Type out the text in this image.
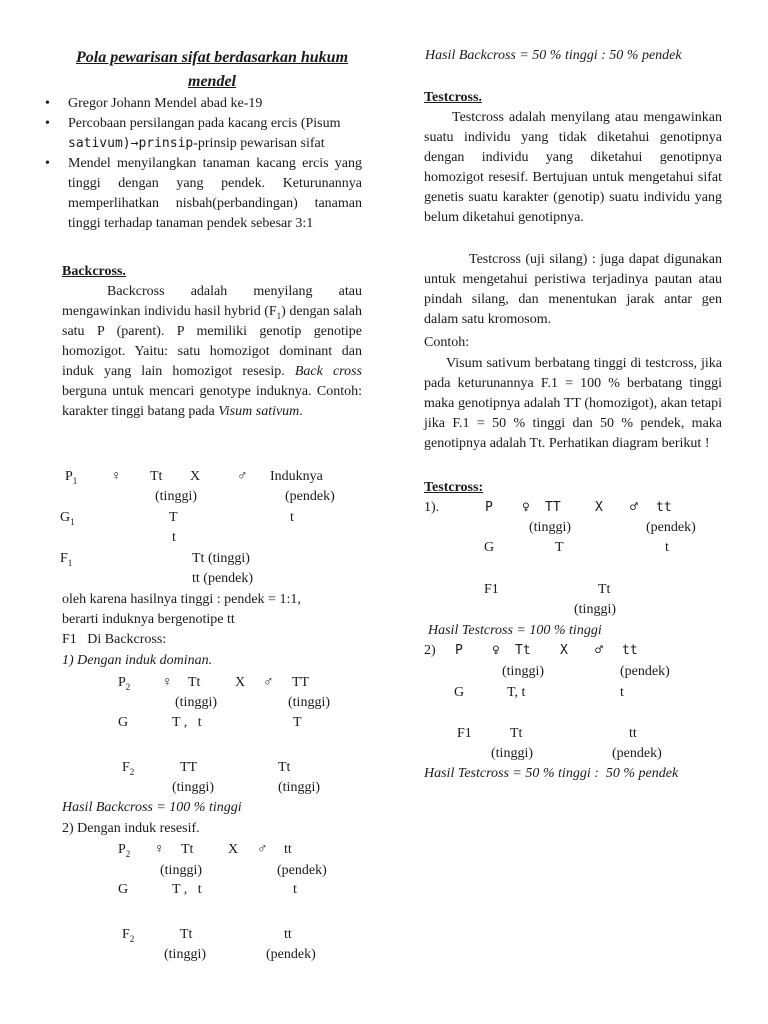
Pola pewarisan sifat berdasarkan hukum
mendel
• Gregor Johann Mendel abad ke-19
• Percobaan persilangan pada kacang ercis (Pisum
sativum)→prinsip-prinsip pewarisan sifat
• Mendel menyilangkan tanaman kacang ercis yang tinggi dengan yang pendek. Keturunannya memperlihatkan nisbah(perbandingan) tanaman tinggi terhadap tanaman pendek sebesar 3:1
Backcross.
Backcross adalah menyilang atau mengawinkan individu hasil hybrid $(F_1)$ dengan salah satu P (parent). P memiliki genotip genotipe homozigot. Yaitu: satu homozigot dominant dan induk yang lain homozigot resesip. Back cross berguna untuk mencari genotype induknya. Contoh: karakter tinggi batang pada Visum sativum.
$P_1$ ♀ Tt X	♂ Induknya
(tinggi)	(pendek)
$G_1$	T	t
t
$F_1$	Tt (tinggi)
tt (pendek)
oleh karena hasilnya tinggi : pendek = 1:1,
berarti induknya bergenotipe tt
F1   Di Backcross:
1) Dengan induk dominan.
$P_2$ ♀ Tt X ♂ TT
(tinggi)	(tinggi)
G	T ,   t	T
$F_2$	TT	Tt
(tinggi)	(tinggi)
Hasil Backcross = 100 % tinggi
2) Dengan induk resesif.
$P_2$ ♀ Tt X ♂ tt
(tinggi)	(pendek)
G	T ,   t	t
$F_2$	Tt	tt
(tinggi)	(pendek)
Hasil Backcross = 50 % tinggi : 50 % pendek
Testcross.
Testcross adalah menyilang atau mengawinkan suatu individu yang tidak diketahui genotipnya dengan individu yang diketahui genotipnya homozigot resesif. Bertujuan untuk mengetahui sifat genetis suatu karakter (genotip) suatu individu yang belum diketahui genotipnya.
Testcross (uji silang) : juga dapat digunakan untuk mengetahui peristiwa terjadinya pautan atau pindah silang, dan menentukan jarak antar gen dalam satu kromosom.
Contoh:
Visum sativum berbatang tinggi di testcross, jika pada keturunannya F.1 = 100 % berbatang tinggi maka genotipnya adalah TT (homozigot), akan tetapi jika F.1 = 50 % tinggi dan 50 % pendek, maka genotipnya adalah Tt. Perhatikan diagram berikut !
Testcross:
1).	P ♀ TT	X ♂ tt
(tinggi)	(pendek)
G	T	t
F1	Tt
(tinggi)
Hasil Testcross = 100 % tinggi
2) P ♀ Tt X ♂ tt
(tinggi)	(pendek)
G	T, t	t
F1	Tt	tt
(tinggi)	(pendek)
Hasil Testcross = 50 % tinggi :  50 % pendek
